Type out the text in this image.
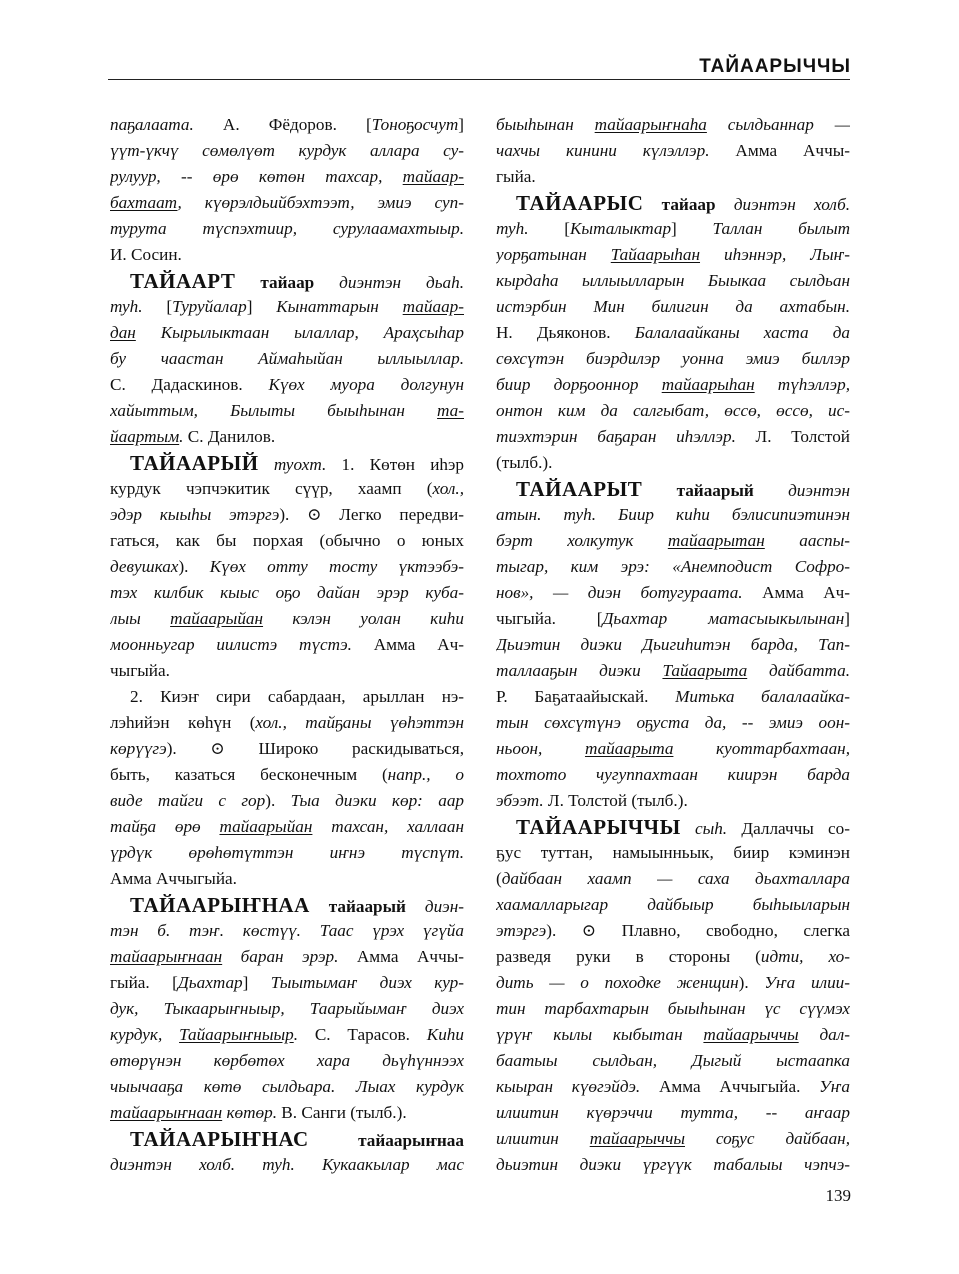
ТАЙААРЫЧЧЫ
паҕалаата. А. Фёдоров. [Тоноҕосчут]
үүт-үкчү сөмөлүөт курдук аллара су-
рулуур, -- өрө көтөн тахсар, тайаар-
бахтаат, күөрэлдьийбэхтээт, эмиэ суп-
турута түспэхтиир, сурулаамахтыыр.
И. Сосин.
ТАЙААРТ тайаар диэнтэн дьаһ.
туһ. [Туруйалар] Кынаттарын тайаар-
дан Кырылыктаан ылаллар, Араҳсыһар
бу чаастан Аймаһыйан ыллыыллар.
С. Дадаскинов. Күөх муора долгунун
хайыттым, Былыты быыһынан та-
йаартым. С. Данилов.
ТАЙААРЫЙ туохт. 1. Көтөн иһэр
курдук чэпчэкитик сүүр, хаамп (хол.,
эдэр кыыһы этэргэ). ⊙ Легко передви-
гаться, как бы порхая (обычно о юных
девушках). Күөх отту тосту үктээбэ-
тэх килбик кыыс оҕо дайан эрэр куба-
лыы тайаарыйан кэлэн уолан киһи
моонньугар иилистэ түстэ. Амма Ач-
чыгыйа.
2. Киэҥ сири сабардаан, арыллан нэ-
лэһийэн көһүн (хол., тайҕаны үөһэттэн
көрүүгэ). ⊙ Широко раскидываться,
быть, казаться бесконечным (напр., о
виде тайги с гор). Тыа диэки көр: аар
тайҕа өрө тайаарыйан тахсан, халлаан
үрдүк өрөһөтүттэн иҥнэ түспүт.
Амма Аччыгыйа.
ТАЙААРЫҤНАА тайаарый диэн-
тэн б. тэҥ. көстүү. Таас үрэх үгүйа
тайаарыҥнаан баран эрэр. Амма Аччы-
гыйа. [Дьахтар] Тыытымаҥ диэх кур-
дук, Тыкаарыҥныыр, Таарыйымаҥ диэх
курдук, Тайаарыҥныыр. С. Тарасов. Киһи
өтөрүнэн көрбөтөх хара дьүһүннээх
чыычааҕа көтө сылдьара. Лыах курдук
тайаарыҥнаан көтөр. В. Санги (тылб.).
ТАЙААРЫҤНАС	тайаарыҥнаа
диэнтэн холб. туһ. Кукаакылар мас
быыһынан тайаарыҥнаһа сылдьаннар —
чахчы кинини күлэллэр. Амма Аччы-
гыйа.
ТАЙААРЫС тайаар диэнтэн холб.
туһ. [Кыталыктар] Таллан былыт
уорҕатынан Тайаарыһан иһэннэр, Лыҥ-
кырдаһа ыллыылларын Быыкаа сылдьан
истэрбин Мин билигин да ахтабын.
Н. Дьяконов. Балалаайканы хаста да
сөхсүтэн биэрдилэр уонна эмиэ биллэр
биир дорҕооннор тайаарыһан түһэллэр,
онтон ким да салгыбат, өссө, өссө, ис-
тиэхтэрин баҕаран иһэллэр. Л. Толстой
(тылб.).
ТАЙААРЫТ тайаарый диэнтэн
атын. туһ. Биир киһи бэлисипиэтинэн
бэрт холкутук тайаарытан ааспы-
тыгар, ким эрэ: «Анемподист Софро-
нов», — диэн ботугураата. Амма Ач-
чыгыйа. [Дьахтар матасыыкылынан]
Дьиэтин диэки Дьигиһитэн барда, Тап-
таллааҕын диэки Тайаарыта дайбатта.
Р. Баҕатаайыскай. Митька балалаайка-
тын сөхсүтүнэ оҕуста да, -- эмиэ оон-
ньоон, тайаарыта куоттарбахтаан,
тохтото чугуппахтаан киирэн барда
эбээт. Л. Толстой (тылб.).
ТАЙААРЫЧЧЫ сыһ. Даллаччы со-
ҕус туттан, намыынньык, биир кэминэн
(дайбаан хаамп — саха дьахталлара
хаамалларыгар дайбыыр быһыыларын
этэргэ). ⊙ Плавно, свободно, слегка
разведя руки в стороны (идти, хо-
дить — о походке женщин). Уҥа илии-
тин тарбахтарын быыһынан үс сүүмэх
үрүҥ кылы кыбытан тайаарыччы дал-
баатыы сылдьан, Дыгый ыстаапка
кыыран күөгэйдэ. Амма Аччыгыйа. Уҥа
илиитин күөрэччи тутта, -- аҥаар
илиитин тайаарыччы соҕус дайбаан,
дьиэтин диэки үргүүк табалыы чэпчэ-
139
